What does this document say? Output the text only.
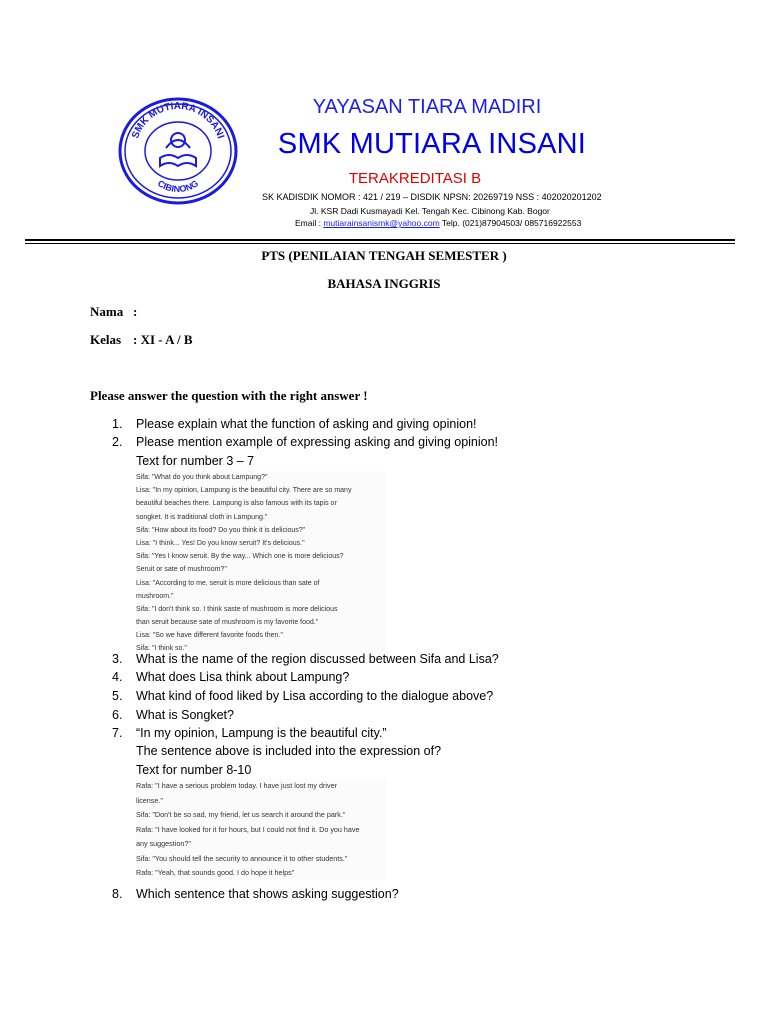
SMK MUTIARA INSANI
CIBINONG
YAYASAN TIARA MADIRI
SMK MUTIARA INSANI
TERAKREDITASI B
SK KADISDIK NOMOR : 421 / 219 – DISDIK NPSN: 20269719 NSS : 402020201202
Jl. KSR Dadi Kusmayadi Kel. Tengah Kec. Cibinong Kab. Bogor
Email : mutiarainsanismk@yahoo.com Telp. (021)87904503/ 085716922553
PTS (PENILAIAN TENGAH SEMESTER )
BAHASA INGGRIS
Nama :
Kelas : XI - A / B
Please answer the question with the right answer !
1. Please explain what the function of asking and giving opinion!
2. Please mention example of expressing asking and giving opinion!
Text for number 3 – 7
Sifa: "What do you think about Lampung?"
Lisa: "In my opinion, Lampung is the beautiful city. There are so many
beautiful beaches there. Lampung is also famous with its tapis or
songket. It is traditional cloth in Lampung."
Sifa: "How about its food? Do you think it is delicious?"
Lisa: "I think... Yes! Do you know seruit? It's delicious."
Sifa: "Yes I know seruit. By the way... Which one is more delicious?
Seruit or sate of mushroom?"
Lisa: "According to me, seruit is more delicious than sate of
mushroom."
Sifa: "I don't think so. I think saste of mushroom is more delicious
than seruit because sate of mushroom is my favorite food."
Lisa: "So we have different favorite foods then."
Sifa: "I think so."
3. What is the name of the region discussed between Sifa and Lisa?
4. What does Lisa think about Lampung?
5. What kind of food liked by Lisa according to the dialogue above?
6. What is Songket?
7. “In my opinion, Lampung is the beautiful city.”
The sentence above is included into the expression of?
Text for number 8-10
Rafa: "I have a serious problem today. I have just lost my driver
license."
Sifa: "Don't be so sad, my friend, let us search it around the park."
Rafa: "I have looked for it for hours, but I could not find it. Do you have
any suggestion?"
Sifa: "You should tell the security to announce it to other students."
Rafa: "Yeah, that sounds good. I do hope it helps"
8. Which sentence that shows asking suggestion?
